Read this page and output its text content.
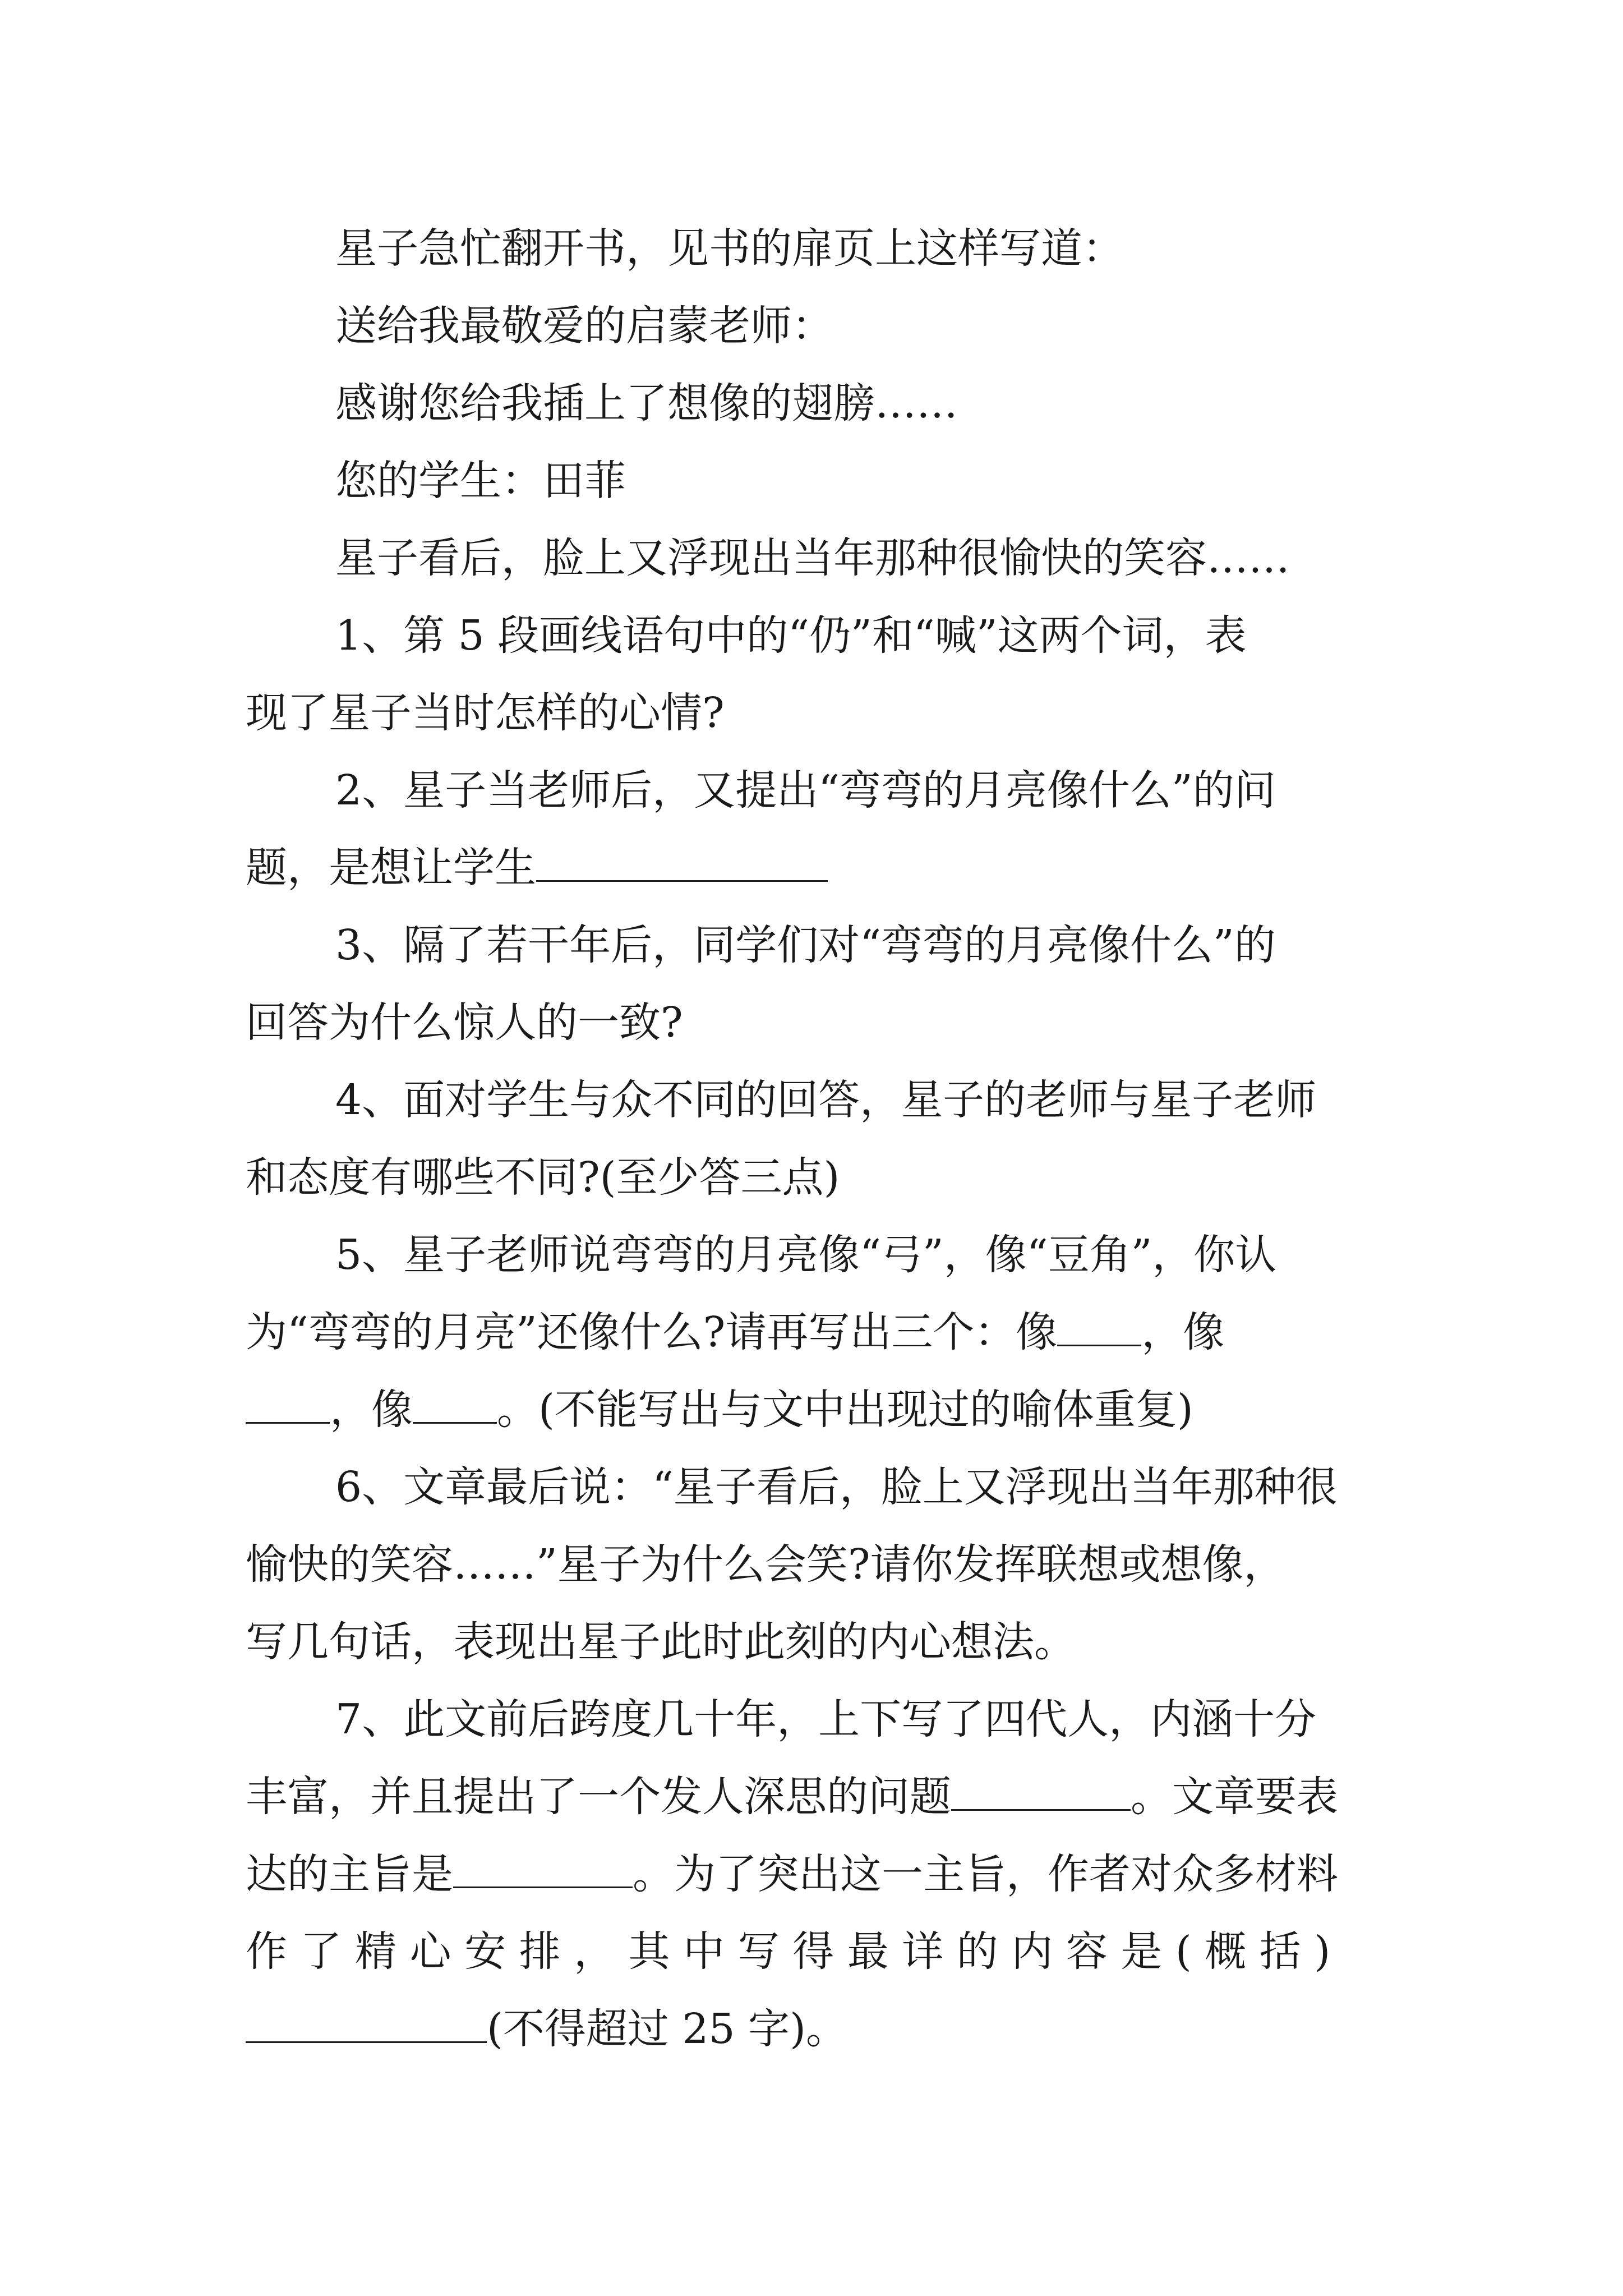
星子急忙翻开书，见书的扉页上这样写道：

送给我最敬爱的启蒙老师：

感谢您给我插上了想像的翅膀……

您的学生：田菲

星子看后，脸上又浮现出当年那种很愉快的笑容……

1、第 5 段画线语句中的“仍”和“喊”这两个词，表

现了星子当时怎样的心情?

2、星子当老师后，又提出“弯弯的月亮像什么”的问

题，是想让学生

3、隔了若干年后，同学们对“弯弯的月亮像什么”的

回答为什么惊人的一致?

4、面对学生与众不同的回答，星子的老师与星子老师

和态度有哪些不同?(至少答三点)

5、星子老师说弯弯的月亮像“弓”，像“豆角”，你认

为“弯弯的月亮”还像什么?请再写出三个：像 ，像

，像 。(不能写出与文中出现过的喻体重复)

6、文章最后说：“星子看后，脸上又浮现出当年那种很

愉快的笑容……”星子为什么会笑?请你发挥联想或想像，

写几句话，表现出星子此时此刻的内心想法。

7、此文前后跨度几十年，上下写了四代人，内涵十分

丰富，并且提出了一个发人深思的问题	。文章要表

达的主旨是	。为了突出这一主旨，作者对众多材料

作 了 精 心 安 排 ， 其 中 写 得 最 详 的 内 容 是 ( 概 括 )

(不得超过 25 字)。
